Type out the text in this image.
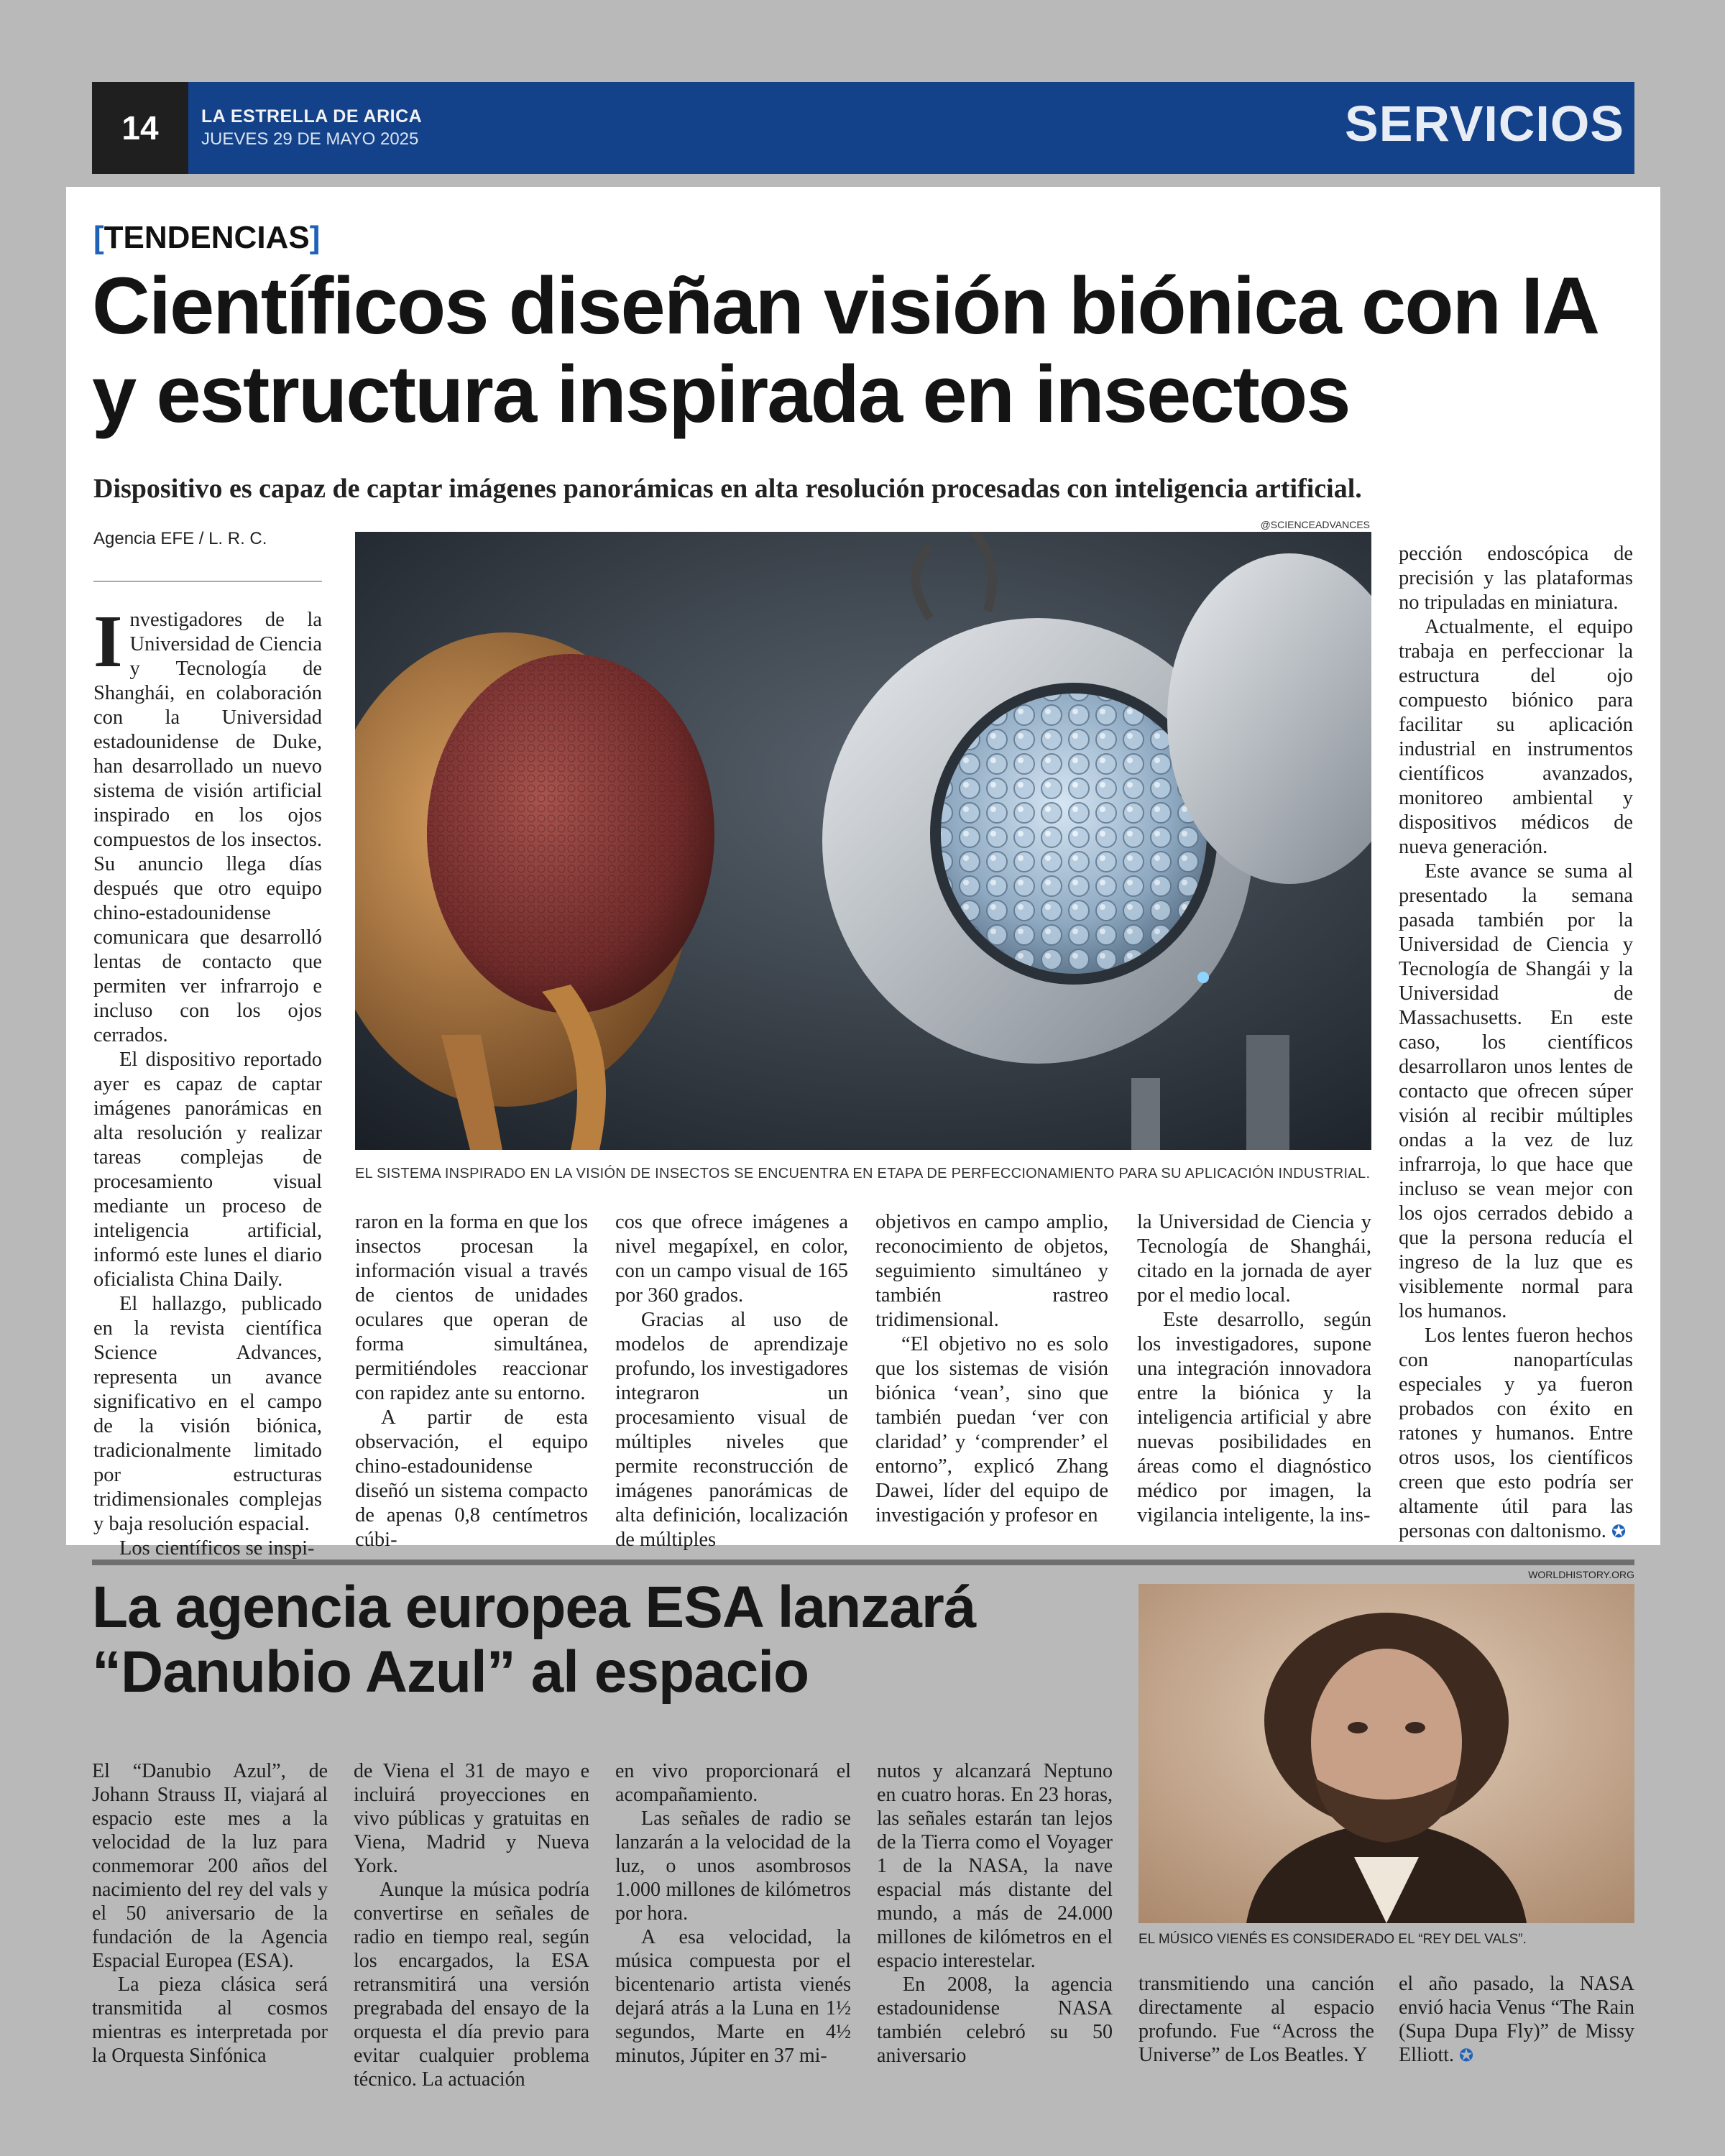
14	LA ESTRELLA DE ARICA
JUEVES 29 DE MAYO 2025	SERVICIOS
[TENDENCIAS]
Científicos diseñan visión biónica con IA
y estructura inspirada en insectos
Dispositivo es capaz de captar imágenes panorámicas en alta resolución procesadas con inteligencia artificial.
Agencia EFE / L. R. C.

Investigadores de la Universidad de Ciencia y Tecnología de Shanghái, en colaboración con la Universidad estadounidense de Duke, han desarrollado un nuevo sistema de visión artificial inspirado en los ojos compuestos de los insectos. Su anuncio llega días después que otro equipo chino-estadounidense comunicara que desarrolló lentas de contacto que permiten ver infrarrojo e incluso con los ojos cerrados.

El dispositivo reportado ayer es capaz de captar imágenes panorámicas en alta resolución y realizar tareas complejas de procesamiento visual mediante un proceso de inteligencia artificial, informó este lunes el diario oficialista China Daily.

El hallazgo, publicado en la revista científica Science Advances, representa un avance significativo en el campo de la visión biónica, tradicionalmente limitado por estructuras tridimensionales complejas y baja resolución espacial.

Los científicos se inspi-

@SCIENCEADVANCES
EL SISTEMA INSPIRADO EN LA VISIÓN DE INSECTOS SE ENCUENTRA EN ETAPA DE PERFECCIONAMIENTO PARA SU APLICACIÓN INDUSTRIAL.

raron en la forma en que los insectos procesan la información visual a través de cientos de unidades oculares que operan de forma simultánea, permitiéndoles reaccionar con rapidez ante su entorno.

A partir de esta observación, el equipo chino-estadounidense diseñó un sistema compacto de apenas 0,8 centímetros cúbi-

cos que ofrece imágenes a nivel megapíxel, en color, con un campo visual de 165 por 360 grados.

Gracias al uso de modelos de aprendizaje profundo, los investigadores integraron un procesamiento visual de múltiples niveles que permite reconstrucción de imágenes panorámicas de alta definición, localización de múltiples

objetivos en campo amplio, reconocimiento de objetos, seguimiento simultáneo y también rastreo tridimensional.

“El objetivo no es solo que los sistemas de visión biónica ‘vean’, sino que también puedan ‘ver con claridad’ y ‘comprender’ el entorno”, explicó Zhang Dawei, líder del equipo de investigación y profesor en

la Universidad de Ciencia y Tecnología de Shanghái, citado en la jornada de ayer por el medio local.

Este desarrollo, según los investigadores, supone una integración innovadora entre la biónica y la inteligencia artificial y abre nuevas posibilidades en áreas como el diagnóstico médico por imagen, la vigilancia inteligente, la ins-

pección endoscópica de precisión y las plataformas no tripuladas en miniatura.

Actualmente, el equipo trabaja en perfeccionar la estructura del ojo compuesto biónico para facilitar su aplicación industrial en instrumentos científicos avanzados, monitoreo ambiental y dispositivos médicos de nueva generación.

Este avance se suma al presentado la semana pasada también por la Universidad de Ciencia y Tecnología de Shangái y la Universidad de Massachusetts. En este caso, los científicos desarrollaron unos lentes de contacto que ofrecen súper visión al recibir múltiples ondas a la vez de luz infrarroja, lo que hace que incluso se vean mejor con los ojos cerrados debido a que la persona reducía el ingreso de la luz que es visiblemente normal para los humanos.

Los lentes fueron hechos con nanopartículas especiales y ya fueron probados con éxito en ratones y humanos. Entre otros usos, los científicos creen que esto podría ser altamente útil para las personas con daltonismo. ✪

WORLDHISTORY.ORG
La agencia europea ESA lanzará
“Danubio Azul” al espacio
EL MÚSICO VIENÉS ES CONSIDERADO EL “REY DEL VALS”.

El “Danubio Azul”, de Johann Strauss II, viajará al espacio este mes a la velocidad de la luz para conmemorar 200 años del nacimiento del rey del vals y el 50 aniversario de la fundación de la Agencia Espacial Europea (ESA).

La pieza clásica será transmitida al cosmos mientras es interpretada por la Orquesta Sinfónica

de Viena el 31 de mayo e incluirá proyecciones en vivo públicas y gratuitas en Viena, Madrid y Nueva York.

Aunque la música podría convertirse en señales de radio en tiempo real, según los encargados, la ESA retransmitirá una versión pregrabada del ensayo de la orquesta el día previo para evitar cualquier problema técnico. La actuación

en vivo proporcionará el acompañamiento.

Las señales de radio se lanzarán a la velocidad de la luz, o unos asombrosos 1.000 millones de kilómetros por hora.

A esa velocidad, la música compuesta por el bicentenario artista vienés dejará atrás a la Luna en 1½ segundos, Marte en 4½ minutos, Júpiter en 37 mi-

nutos y alcanzará Neptuno en cuatro horas. En 23 horas, las señales estarán tan lejos de la Tierra como el Voyager 1 de la NASA, la nave espacial más distante del mundo, a más de 24.000 millones de kilómetros en el espacio interestelar.

En 2008, la agencia estadounidense NASA también celebró su 50 aniversario

transmitiendo una canción directamente al espacio profundo. Fue “Across the Universe” de Los Beatles. Y

el año pasado, la NASA envió hacia Venus “The Rain (Supa Dupa Fly)” de Missy Elliott. ✪
